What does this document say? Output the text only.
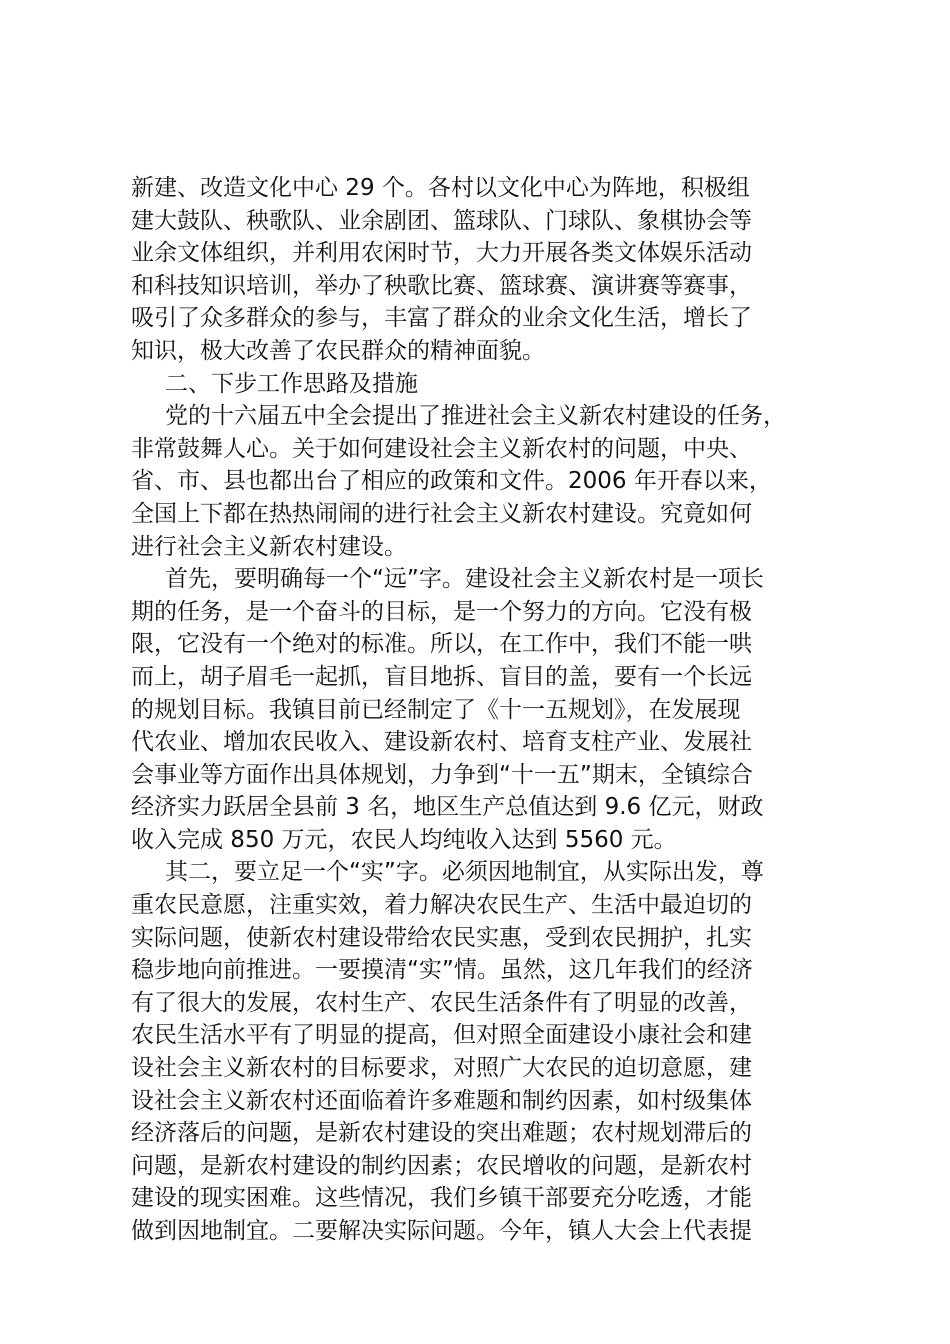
新建、改造文化中心 29 个。各村以文化中心为阵地，积极组
建大鼓队、秧歌队、业余剧团、篮球队、门球队、象棋协会等
业余文体组织，并利用农闲时节，大力开展各类文体娱乐活动
和科技知识培训，举办了秧歌比赛、篮球赛、演讲赛等赛事，
吸引了众多群众的参与，丰富了群众的业余文化生活，增长了
知识，极大改善了农民群众的精神面貌。

二、下步工作思路及措施

党的十六届五中全会提出了推进社会主义新农村建设的任务，
非常鼓舞人心。关于如何建设社会主义新农村的问题，中央、
省、市、县也都出台了相应的政策和文件。2006 年开春以来，
全国上下都在热热闹闹的进行社会主义新农村建设。究竟如何
进行社会主义新农村建设。

首先，要明确每一个“远”字。建设社会主义新农村是一项长
期的任务，是一个奋斗的目标，是一个努力的方向。它没有极
限，它没有一个绝对的标准。所以，在工作中，我们不能一哄
而上，胡子眉毛一起抓，盲目地拆、盲目的盖，要有一个长远
的规划目标。我镇目前已经制定了《十一五规划》，在发展现
代农业、增加农民收入、建设新农村、培育支柱产业、发展社
会事业等方面作出具体规划，力争到“十一五”期末，全镇综合
经济实力跃居全县前 3 名，地区生产总值达到 9.6 亿元，财政
收入完成 850 万元，农民人均纯收入达到 5560 元。

其二，要立足一个“实”字。必须因地制宜，从实际出发，尊
重农民意愿，注重实效，着力解决农民生产、生活中最迫切的
实际问题，使新农村建设带给农民实惠，受到农民拥护，扎实
稳步地向前推进。一要摸清“实”情。虽然，这几年我们的经济
有了很大的发展，农村生产、农民生活条件有了明显的改善，
农民生活水平有了明显的提高，但对照全面建设小康社会和建
设社会主义新农村的目标要求，对照广大农民的迫切意愿，建
设社会主义新农村还面临着许多难题和制约因素，如村级集体
经济落后的问题，是新农村建设的突出难题；农村规划滞后的
问题，是新农村建设的制约因素；农民增收的问题，是新农村
建设的现实困难。这些情况，我们乡镇干部要充分吃透，才能
做到因地制宜。二要解决实际问题。今年，镇人大会上代表提
